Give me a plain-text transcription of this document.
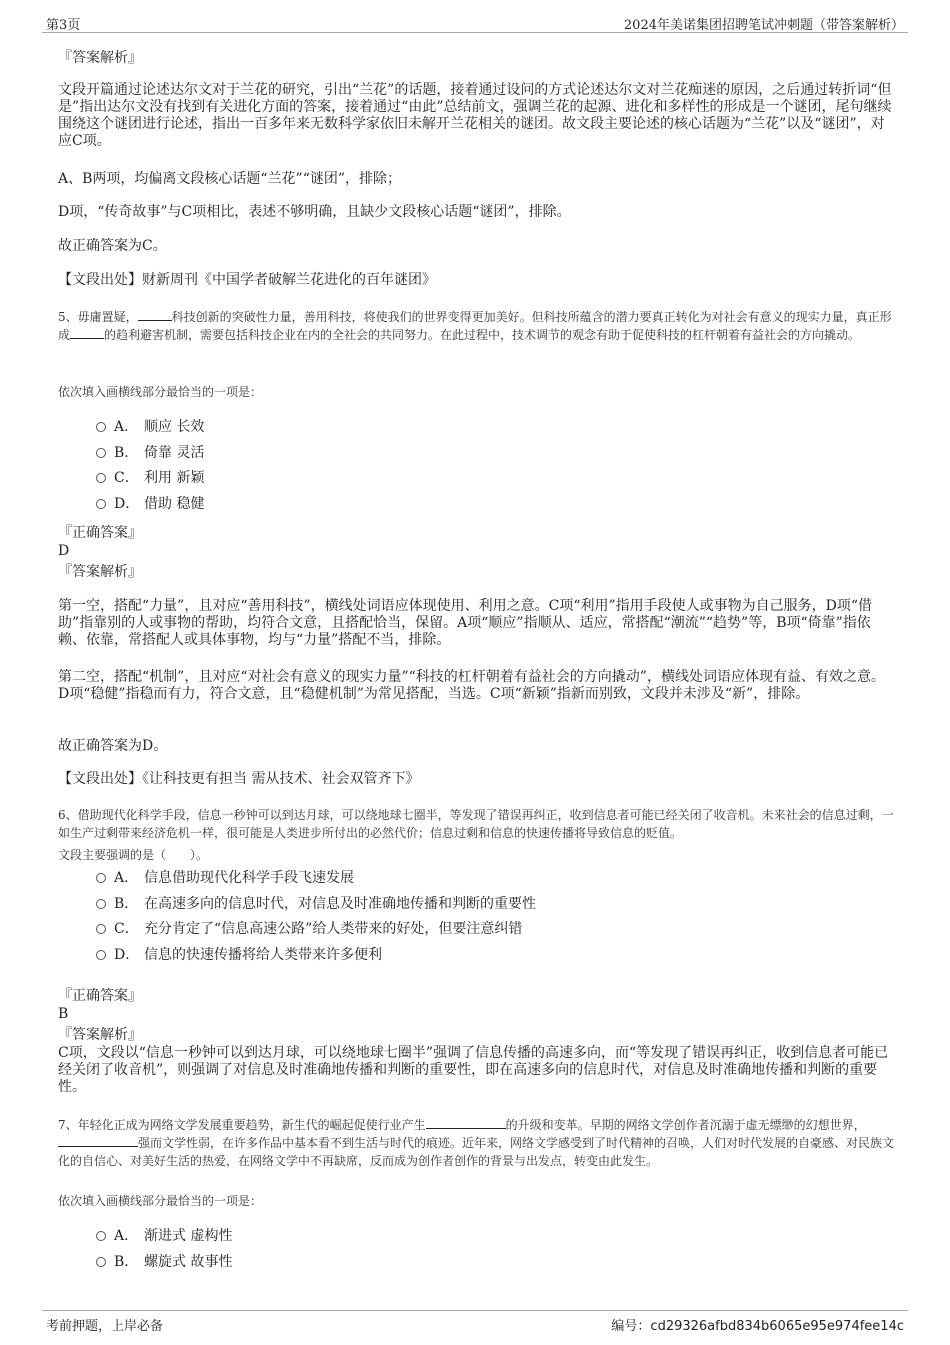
第3页	2024年美诺集团招聘笔试冲刺题（带答案解析）

『答案解析』

文段开篇通过论述达尔文对于兰花的研究，引出“兰花”的话题，接着通过设问的方式论述达尔文对兰花痴迷的原因，之后通过转折词“但是”指出达尔文没有找到有关进化方面的答案，接着通过“由此”总结前文，强调兰花的起源、进化和多样性的形成是一个谜团，尾句继续围绕这个谜团进行论述，指出一百多年来无数科学家依旧未解开兰花相关的谜团。故文段主要论述的核心话题为“兰花”以及“谜团”，对应C项。

A、B两项，均偏离文段核心话题“兰花”“谜团”，排除；

D项，“传奇故事”与C项相比，表述不够明确，且缺少文段核心话题“谜团”，排除。

故正确答案为C。

【文段出处】财新周刊《中国学者破解兰花进化的百年谜团》

5、毋庸置疑，	科技创新的突破性力量，善用科技，将使我们的世界变得更加美好。但科技所蕴含的潜力要真正转化为对社会有意义的现实力量，真正形成	的趋利避害机制，需要包括科技企业在内的全社会的共同努力。在此过程中，技术调节的观念有助于促使科技的杠杆朝着有益社会的方向撬动。

依次填入画横线部分最恰当的一项是：

A． 顺应 长效
B． 倚靠 灵活
C． 利用 新颖
D． 借助 稳健

『正确答案』

D

『答案解析』

第一空，搭配“力量”，且对应“善用科技”，横线处词语应体现使用、利用之意。C项“利用”指用手段使人或事物为自己服务，D项“借助”指靠别的人或事物的帮助，均符合文意，且搭配恰当，保留。A项“顺应”指顺从、适应，常搭配“潮流”“趋势”等，B项“倚靠”指依赖、依靠，常搭配人或具体事物，均与“力量”搭配不当，排除。

第二空，搭配“机制”，且对应“对社会有意义的现实力量”“科技的杠杆朝着有益社会的方向撬动”，横线处词语应体现有益、有效之意。D项“稳健”指稳而有力，符合文意，且“稳健机制”为常见搭配，当选。C项“新颖”指新而别致，文段并未涉及“新”，排除。

故正确答案为D。

【文段出处】《让科技更有担当 需从技术、社会双管齐下》

6、借助现代化科学手段，信息一秒钟可以到达月球，可以绕地球七圈半，等发现了错误再纠正，收到信息者可能已经关闭了收音机。未来社会的信息过剩，一如生产过剩带来经济危机一样，很可能是人类进步所付出的必然代价；信息过剩和信息的快速传播将导致信息的贬值。

文段主要强调的是（　　）。

A． 信息借助现代化科学手段飞速发展
B． 在高速多向的信息时代，对信息及时准确地传播和判断的重要性
C． 充分肯定了“信息高速公路”给人类带来的好处，但要注意纠错
D． 信息的快速传播将给人类带来许多便利

『正确答案』

B

『答案解析』

C项，文段以“信息一秒钟可以到达月球，可以绕地球七圈半”强调了信息传播的高速多向，而“等发现了错误再纠正，收到信息者可能已经关闭了收音机”，则强调了对信息及时准确地传播和判断的重要性，即在高速多向的信息时代，对信息及时准确地传播和判断的重要性。

7、年轻化正成为网络文学发展重要趋势，新生代的崛起促使行业产生	的升级和变革。早期的网络文学创作者沉溺于虚无缥缈的幻想世界，强而文学性弱，在许多作品中基本看不到生活与时代的痕迹。近年来，网络文学感受到了时代精神的召唤，人们对时代发展的自豪感、对民族文化的自信心、对美好生活的热爱，在网络文学中不再缺席，反而成为创作者创作的背景与出发点，转变由此发生。

依次填入画横线部分最恰当的一项是：

A． 渐进式 虚构性
B． 螺旋式 故事性
考前押题，上岸必备	编号：cd29326afbd834b6065e95e974fee14c
